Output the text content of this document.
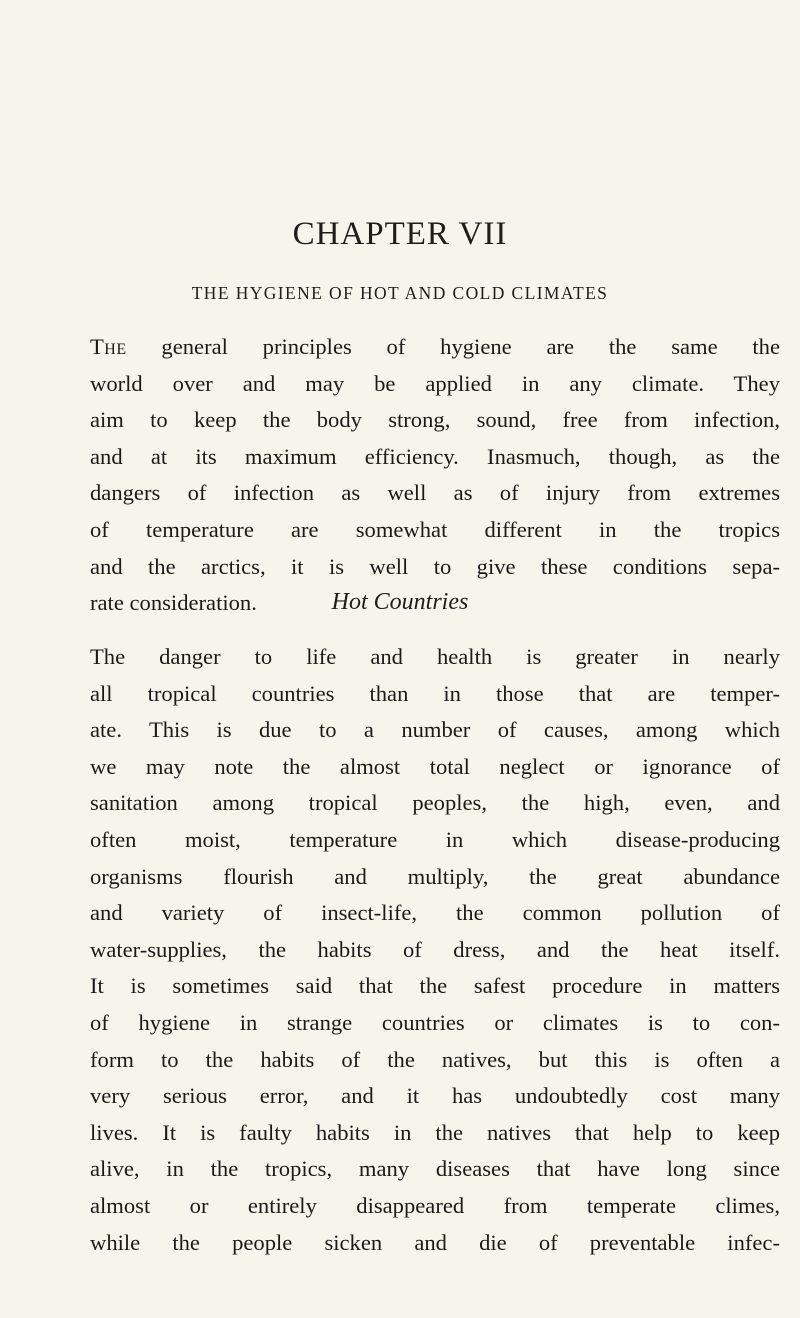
CHAPTER VII
THE HYGIENE OF HOT AND COLD CLIMATES
The general principles of hygiene are the same the
world over and may be applied in any climate. They
aim to keep the body strong, sound, free from infection,
and at its maximum efficiency. Inasmuch, though, as the
dangers of infection as well as of injury from extremes
of temperature are somewhat different in the tropics
and the arctics, it is well to give these conditions sepa-
rate consideration.	Hot Countries
The danger to life and health is greater in nearly
all tropical countries than in those that are temper-
ate. This is due to a number of causes, among which
we may note the almost total neglect or ignorance of
sanitation among tropical peoples, the high, even, and
often moist, temperature in which disease-producing
organisms flourish and multiply, the great abundance
and variety of insect-life, the common pollution of
water-supplies, the habits of dress, and the heat itself.
It is sometimes said that the safest procedure in matters
of hygiene in strange countries or climates is to con-
form to the habits of the natives, but this is often a
very serious error, and it has undoubtedly cost many
lives. It is faulty habits in the natives that help to keep
alive, in the tropics, many diseases that have long since
almost or entirely disappeared from temperate climes,
while the people sicken and die of preventable infec-
